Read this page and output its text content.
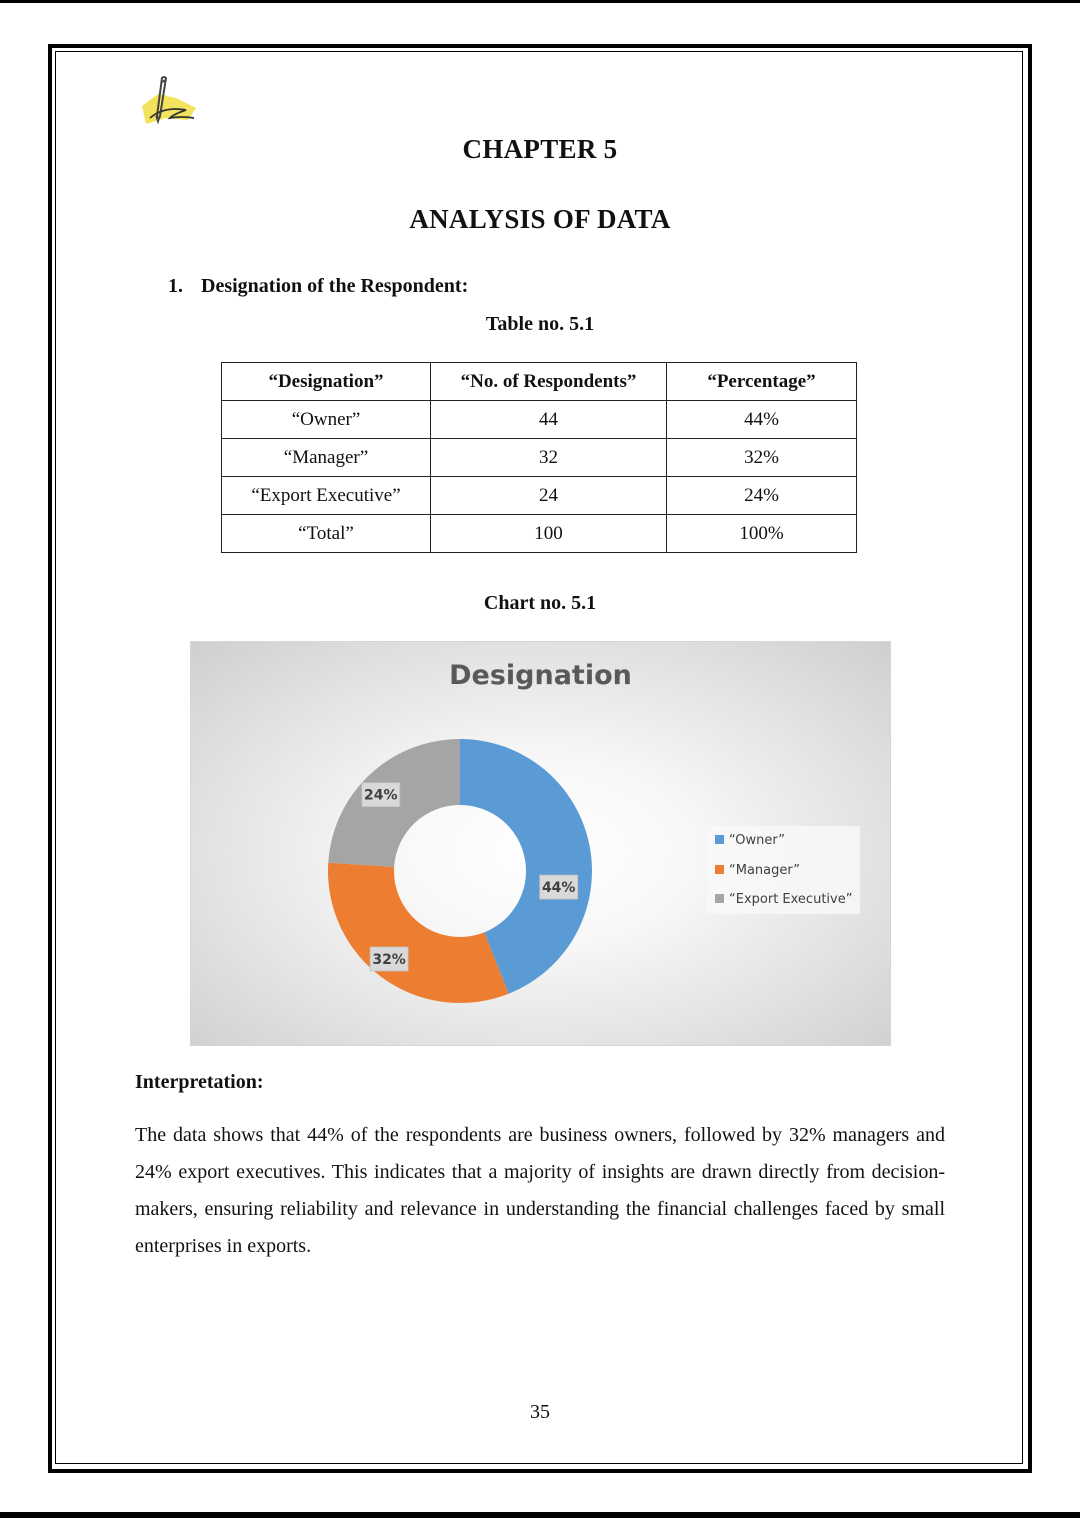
CHAPTER 5
ANALYSIS OF DATA
1. Designation of the Respondent:
Table no. 5.1
“Designation”	“No. of Respondents”	“Percentage”
“Owner”	44	44%
“Manager”	32	32%
“Export Executive”	24	24%
“Total”	100	100%
Chart no. 5.1
Designation
44%
32%
24%
“Owner”
“Manager”
“Export Executive”
Interpretation:
The data shows that 44% of the respondents are business owners, followed by 32% managers and 24% export executives. This indicates that a majority of insights are drawn directly from decision-makers, ensuring reliability and relevance in understanding the financial challenges faced by small enterprises in exports.
35
